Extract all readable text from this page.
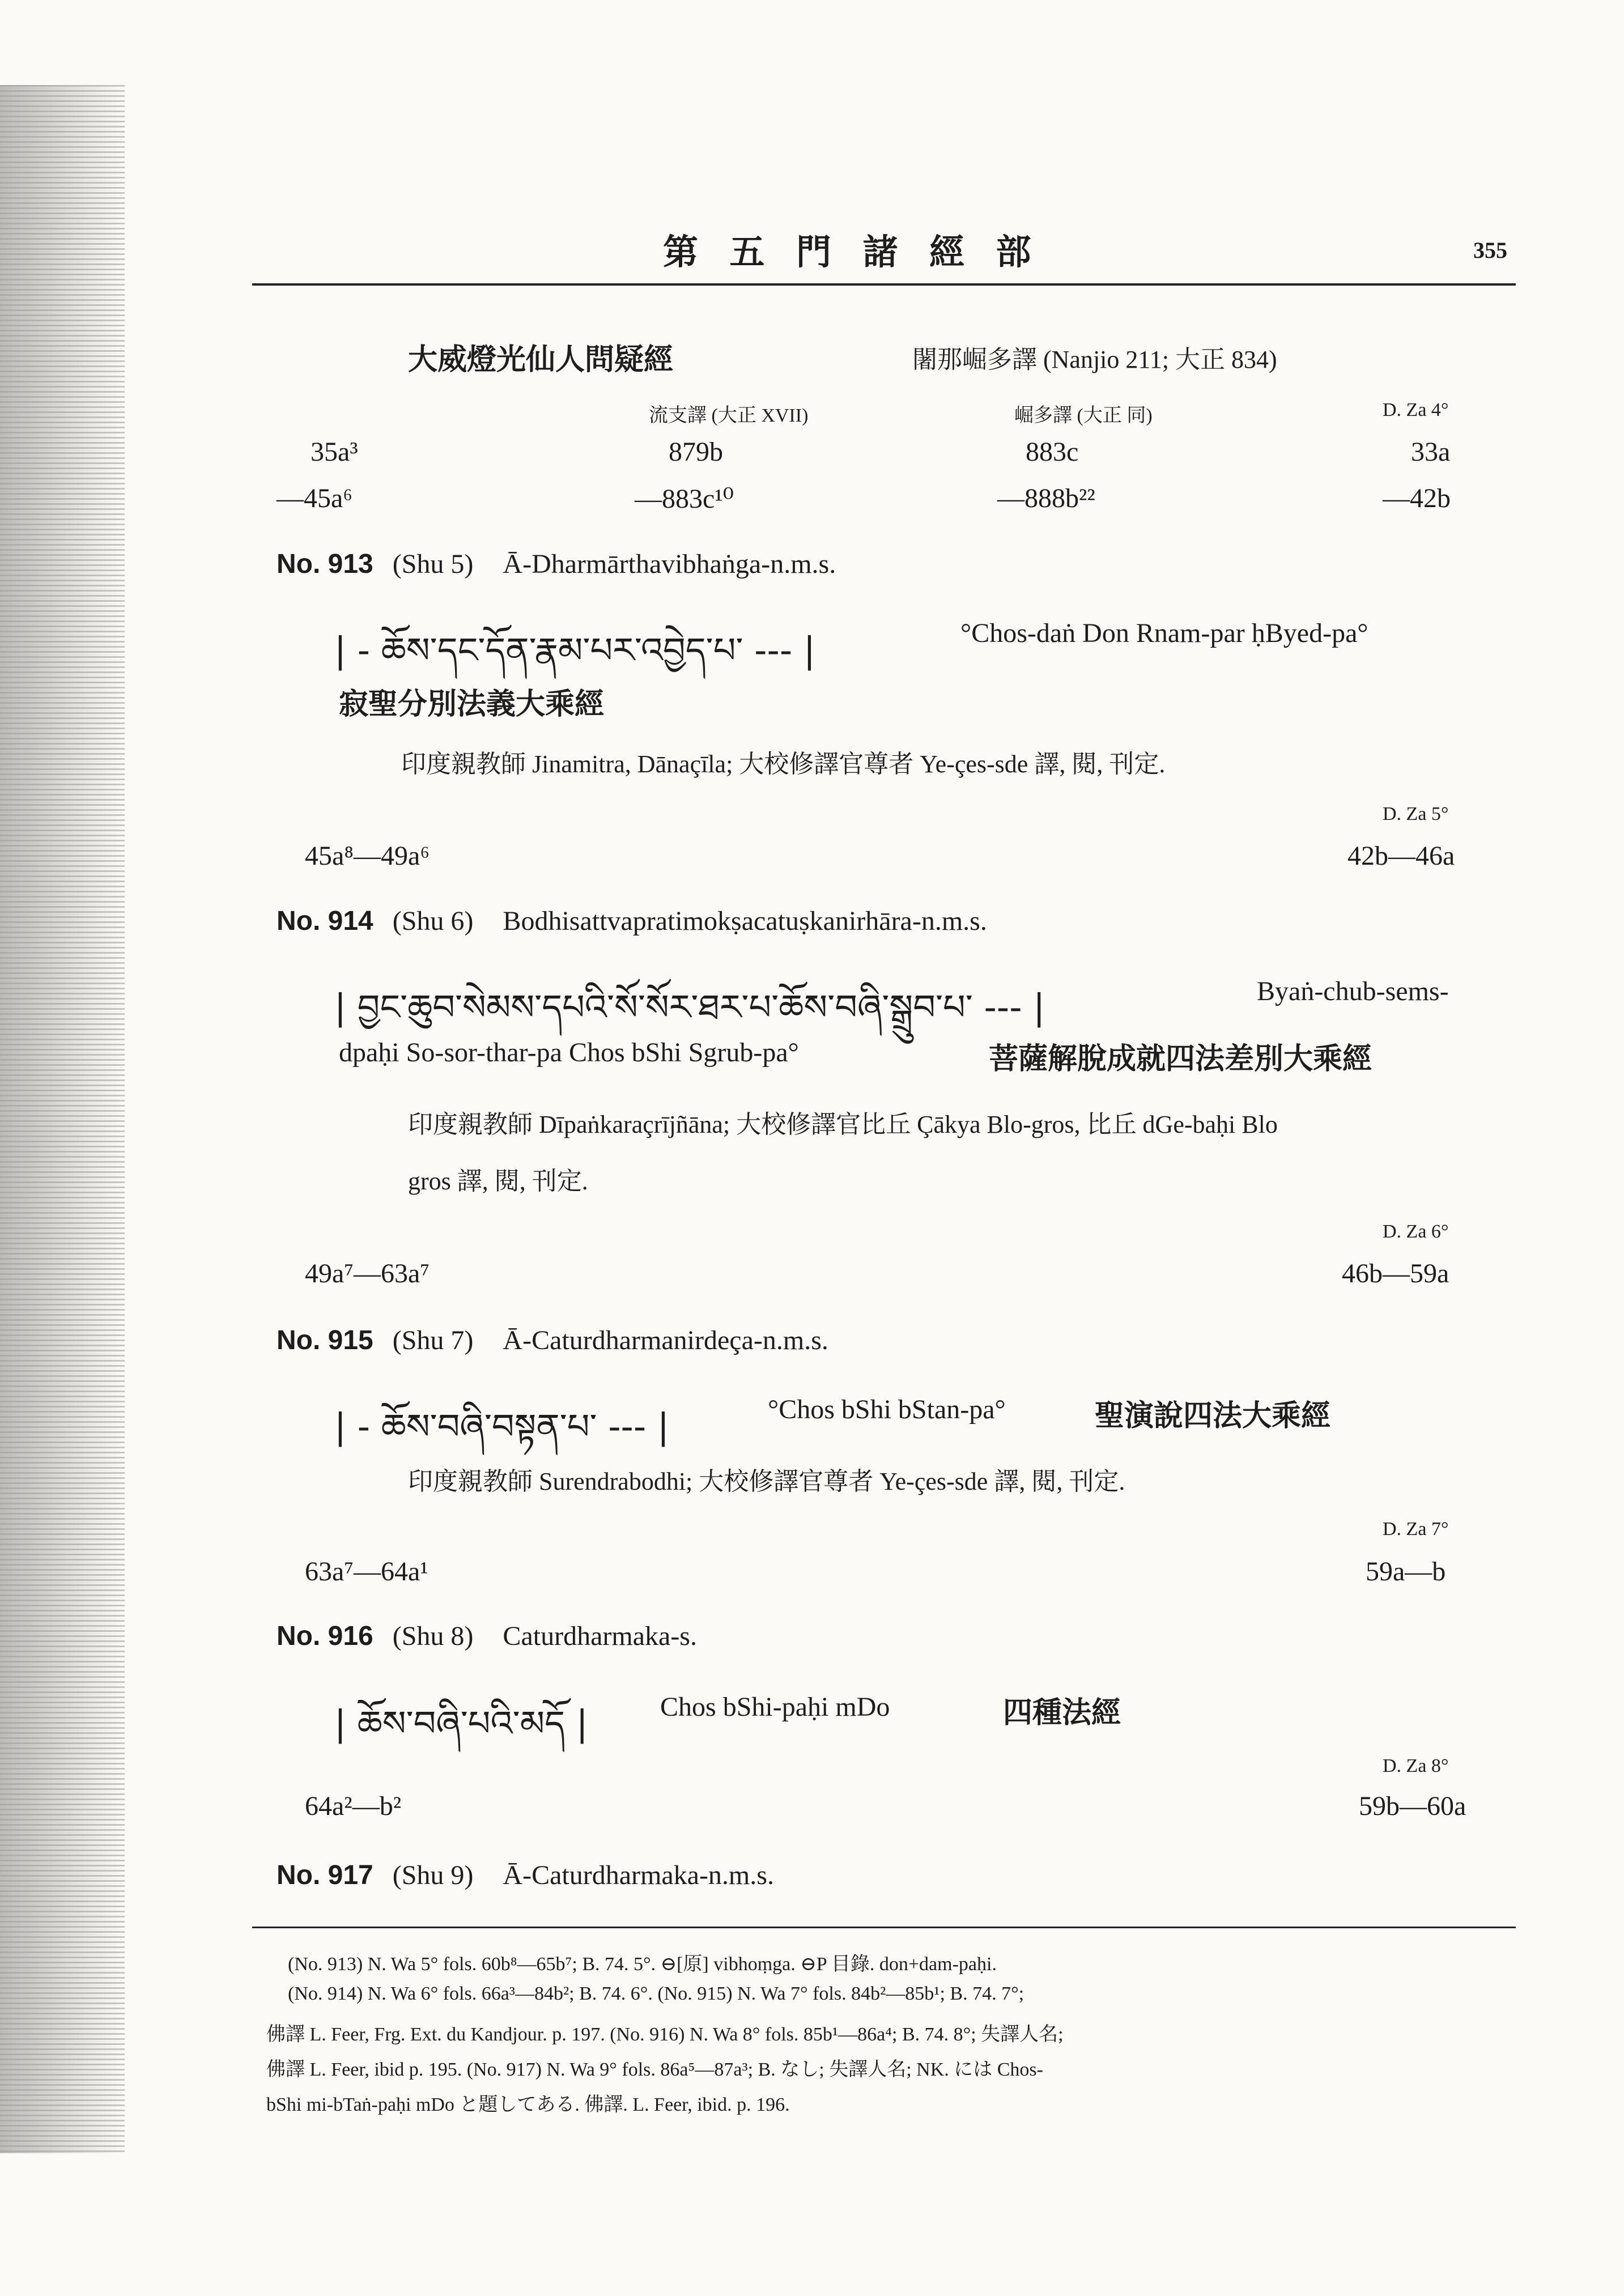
第 五 門 諸 經 部	355
大威燈光仙人問疑經	闍那崛多譯 (Nanjio 211; 大正 834)
流支譯 (大正 XVII)	崛多譯 (大正 同)	D. Za 4°
35a³	879b	883c	33a
—45a⁶	—883c¹⁰	—888b²²	—42b
No. 913 (Shu 5) Ā-Dharmārthavibhaṅga-n.m.s.
| - ཆོས་དང་དོན་རྣམ་པར་འབྱེད་པ་ --- |	°Chos-daṅ Don Rnam-par ḥByed-pa°
寂聖分別法義大乘經
印度親教師 Jinamitra, Dānaçīla; 大校修譯官尊者 Ye-çes-sde 譯, 閱, 刊定.
D. Za 5°
45a⁸—49a⁶	42b—46a
No. 914 (Shu 6) Bodhisattvapratimokṣacatuṣkanirhāra-n.m.s.
| བྱང་ཆུབ་སེམས་དཔའི་སོ་སོར་ཐར་པ་ཆོས་བཞི་སྒྲུབ་པ་ --- |	Byaṅ-chub-sems-
dpaḥi So-sor-thar-pa Chos bShi Sgrub-pa°	菩薩解脫成就四法差別大乘經
印度親教師 Dīpaṅkaraçrījñāna; 大校修譯官比丘 Çākya Blo-gros, 比丘 dGe-baḥi Blo
gros 譯, 閱, 刊定.
D. Za 6°
49a⁷—63a⁷	46b—59a
No. 915 (Shu 7) Ā-Caturdharmanirdeça-n.m.s.
| - ཆོས་བཞི་བསྟན་པ་ --- |	°Chos bShi bStan-pa°	聖演說四法大乘經
印度親教師 Surendrabodhi; 大校修譯官尊者 Ye-çes-sde 譯, 閱, 刊定.
D. Za 7°
63a⁷—64a¹	59a—b
No. 916 (Shu 8) Caturdharmaka-s.
| ཆོས་བཞི་པའི་མདོ |	Chos bShi-paḥi mDo	四種法經
D. Za 8°
64a²—b²	59b—60a
No. 917 (Shu 9) Ā-Caturdharmaka-n.m.s.
(No. 913) N. Wa 5° fols. 60b⁸—65b⁷; B. 74. 5°. ⊖[原] vibhoṃga. ⊖P 目錄. don+dam-paḥi.
(No. 914) N. Wa 6° fols. 66a³—84b²; B. 74. 6°. (No. 915) N. Wa 7° fols. 84b²—85b¹; B. 74. 7°;
佛譯 L. Feer, Frg. Ext. du Kandjour. p. 197. (No. 916) N. Wa 8° fols. 85b¹—86a⁴; B. 74. 8°; 失譯人名;
佛譯 L. Feer, ibid p. 195. (No. 917) N. Wa 9° fols. 86a⁵—87a³; B. なし; 失譯人名; NK. には Chos-
bShi mi-bTaṅ-paḥi mDo と題してある. 佛譯. L. Feer, ibid. p. 196.
